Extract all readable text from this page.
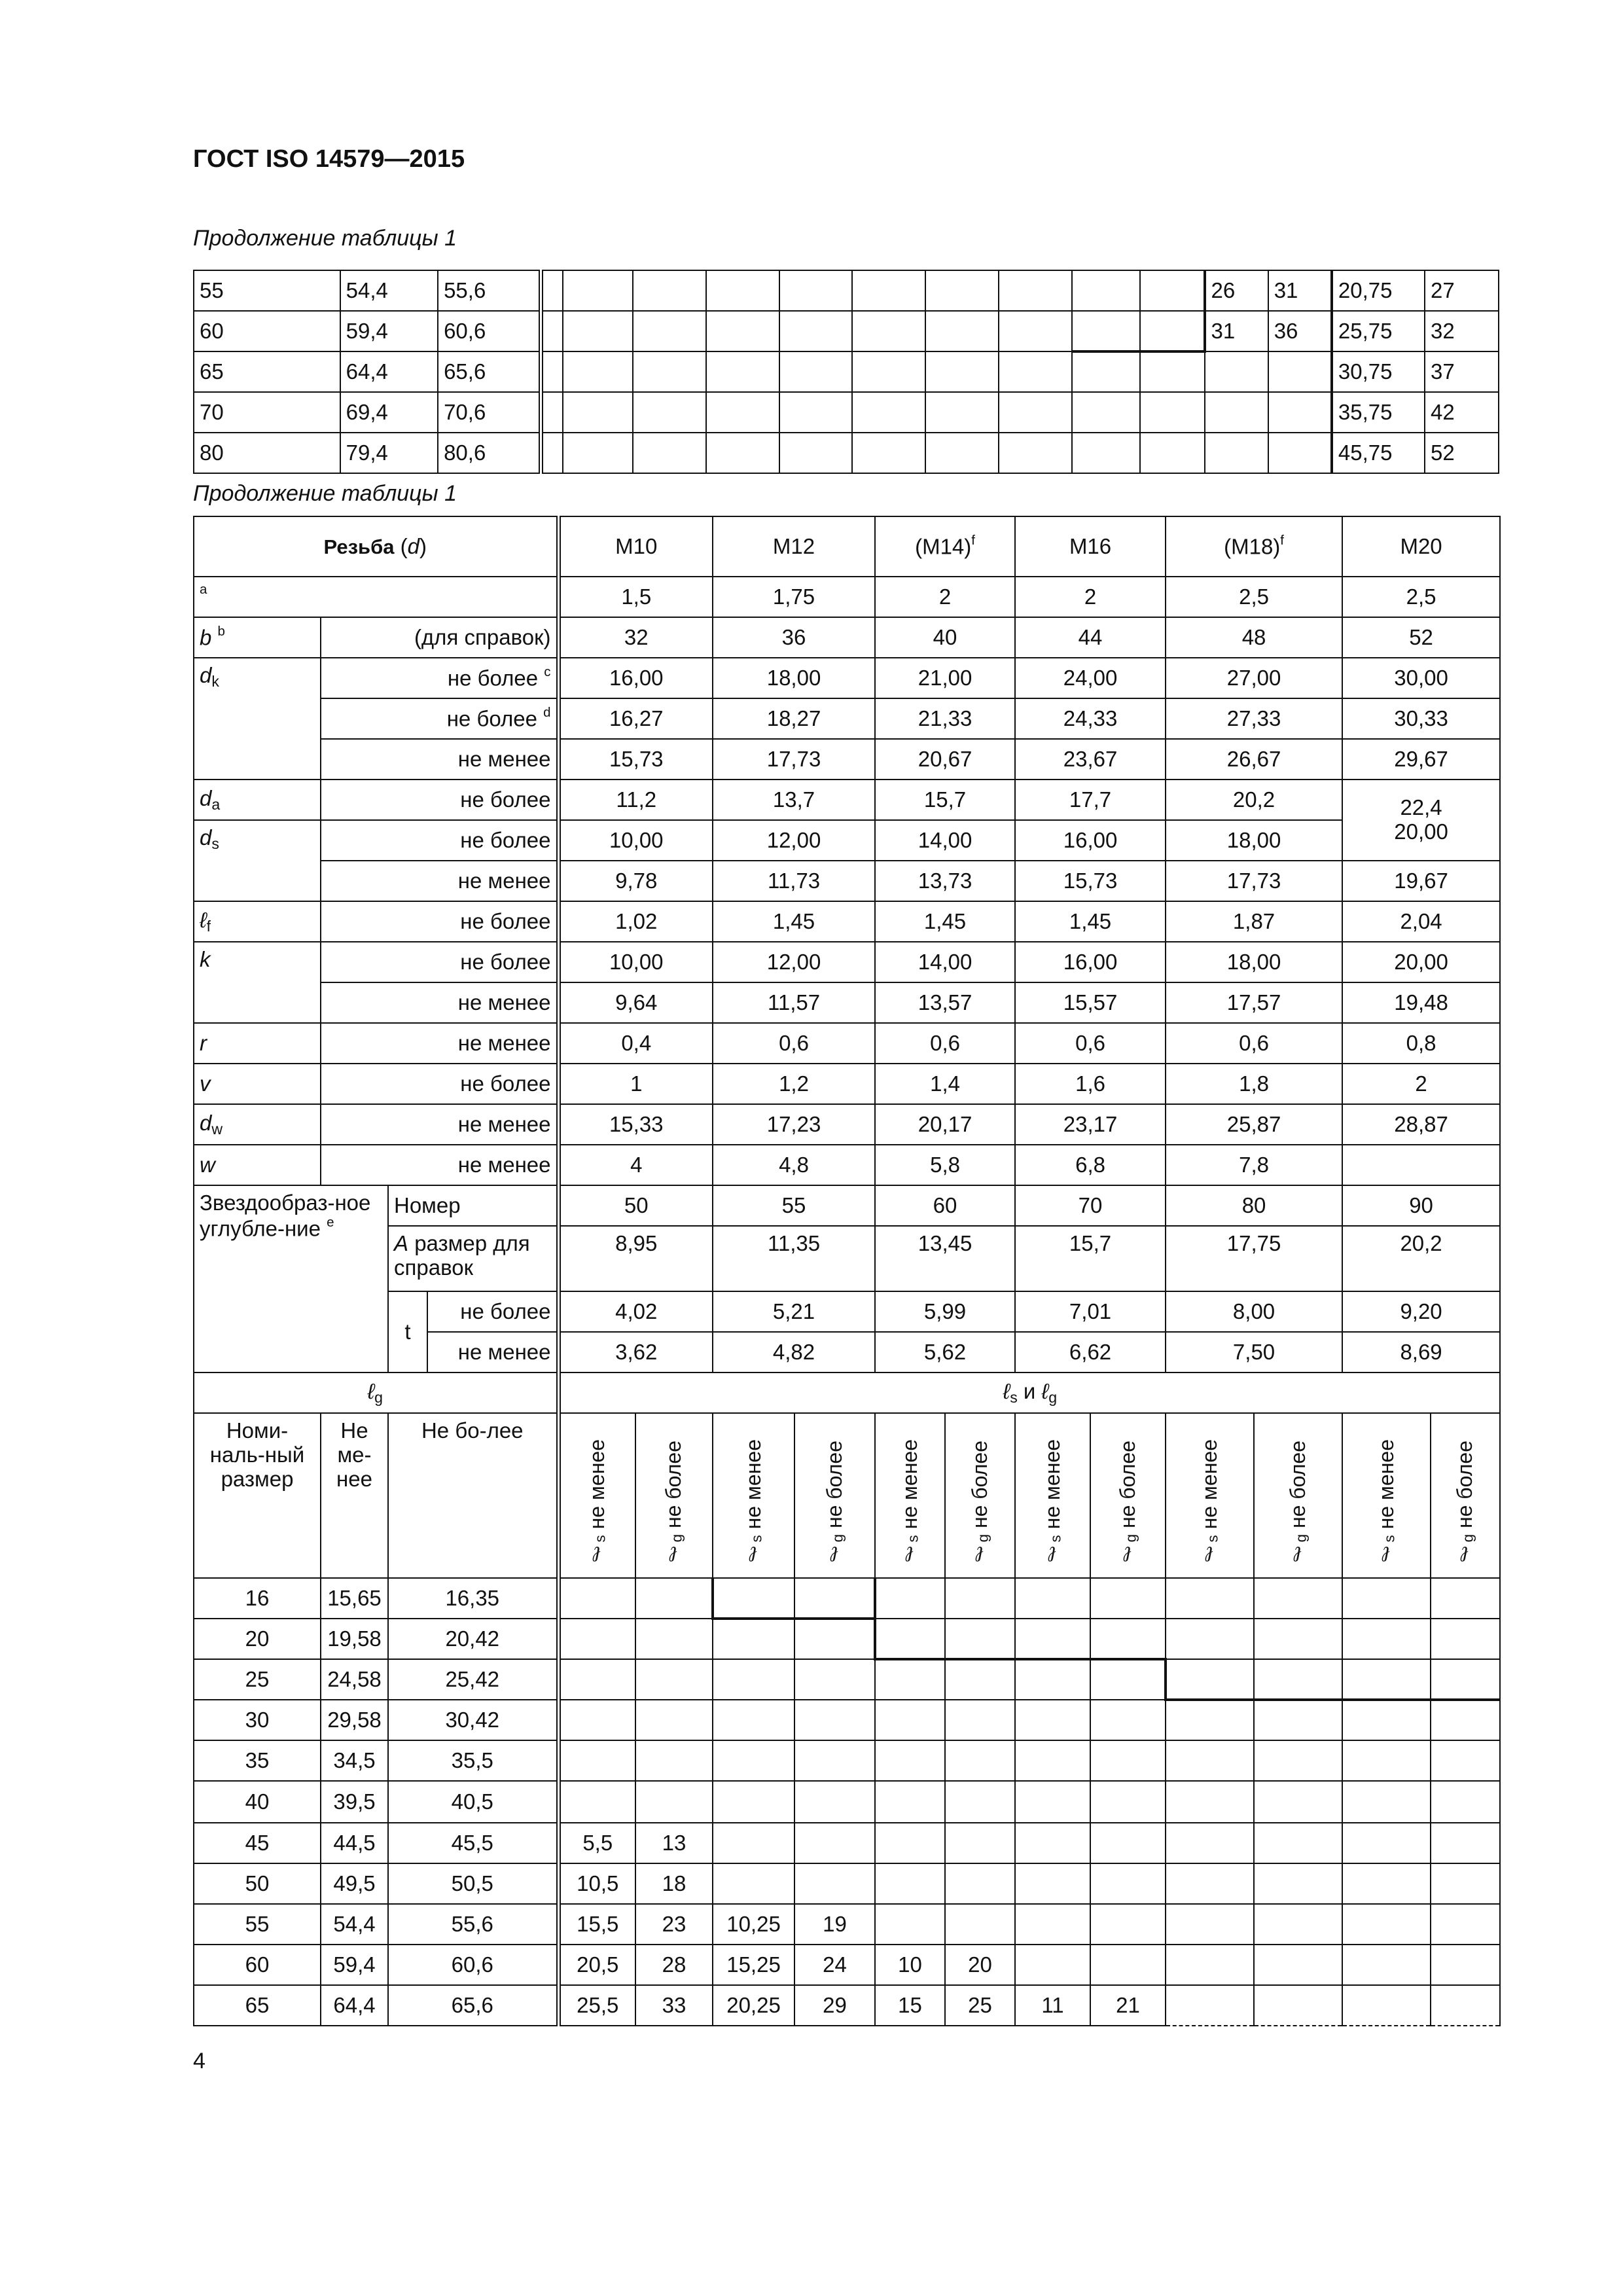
ГОСТ ISO 14579—2015
Продолжение таблицы 1
55	54,4	55,6											26	31	20,75	27
60	59,4	60,6											31	36	25,75	32
65	64,4	65,6													30,75	37
70	69,4	70,6													35,75	42
80	79,4	80,6													45,75	52
Продолжение таблицы 1
Резьба (d)				M10		M12		$(M14)^f$		M16		$(M18)^f$		M20	
$^a$				1,5		1,75		2		2		2,5		2,5	
b $^b$	(для справок)			32		36		40		44		48		52	
$d_k$	не более $^c$			16,00		18,00		21,00		24,00		27,00		30,00	
	не более $^d$			16,27		18,27		21,33		24,33		27,33		30,33	
	не менее			15,73		17,73		20,67		23,67		26,67		29,67	
$d_a$	не более			11,2		13,7		15,7		17,7		20,2		22,4
20,00	

$d_s$	не более			10,00		12,00		14,00		16,00		18,00			
	не менее			9,78		11,73		13,73		15,73		17,73		19,67	
ℓ$_f$	не более			1,02		1,45		1,45		1,45		1,87		2,04	
k	не более			10,00		12,00		14,00		16,00		18,00		20,00	
	не менее			9,64		11,57		13,57		15,57		17,57		19,48	
r	не менее			0,4		0,6		0,6		0,6		0,6		0,8	
v	не более			1		1,2		1,4		1,6		1,8		2	
$d_w$	не менее			15,33		17,23		20,17		23,17		25,87		28,87	
w	не менее			4		4,8		5,8		6,8		7,8			
Звездообраз-ное углубле-ние $^e$		Номер		50		55		60		70		80		90	
		А размер для справок		8,95		11,35		13,45		15,7		17,75		20,2	
		t	не более	4,02		5,21		5,99		7,01		8,00		9,20	
			не менее	3,62		4,82		5,62		6,62		7,50		8,69	
ℓ$_g$				ℓ$_s$ и ℓ$_g$
Номи-наль-ный размер	Не ме-нее	Не бо-лее		ℓ$_s$ не менее	ℓ$_g$ не более	ℓ$_s$ не менее	ℓ$_g$ не более	ℓ$_s$ не менее	ℓ$_g$ не более	ℓ$_s$ не менее	ℓ$_g$ не более	ℓ$_s$ не менее	ℓ$_g$ не более	ℓ$_s$ не менее	ℓ$_g$ не более
16	15,65	16,35													
20	19,58	20,42													
25	24,58	25,42													
30	29,58	30,42													
35	34,5	35,5													
40	39,5	40,5													
45	44,5	45,5		5,5	13										
50	49,5	50,5		10,5	18										
55	54,4	55,6		15,5	23	10,25	19								
60	59,4	60,6		20,5	28	15,25	24	10	20						
65	64,4	65,6		25,5	33	20,25	29	15	25	11	21				
4
